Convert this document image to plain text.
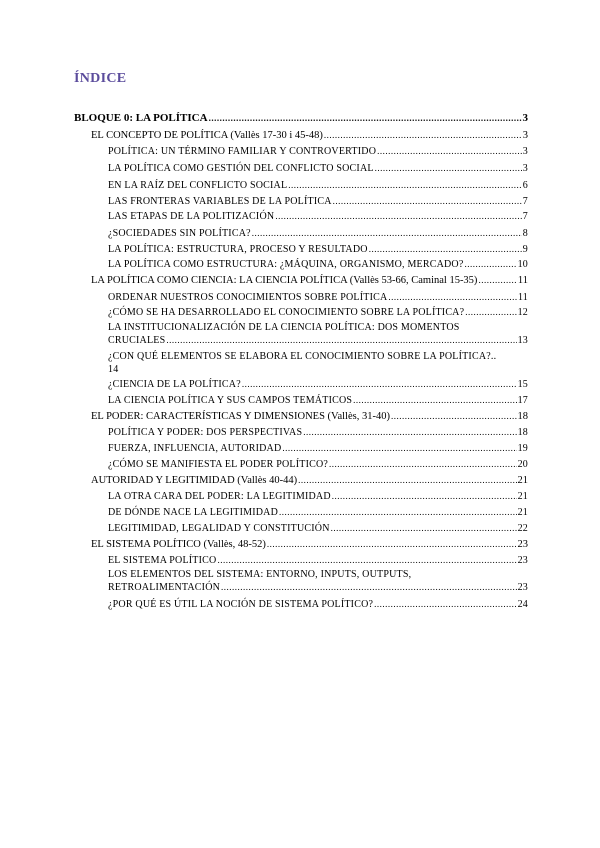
ÍNDICE
BLOQUE 0: LA POLÍTICA .....	3
EL CONCEPTO DE POLÍTICA (Vallès 17-30 i 45-48) .....	3
POLÍTICA: UN TÉRMINO FAMILIAR Y CONTROVERTIDO .....	3
LA POLÍTICA COMO GESTIÓN DEL CONFLICTO SOCIAL .....	3
EN LA RAÍZ DEL CONFLICTO SOCIAL .....	6
LAS FRONTERAS VARIABLES DE LA POLÍTICA .....	7
LAS ETAPAS DE LA POLITIZACIÓN .....	7
¿SOCIEDADES SIN POLÍTICA? .....	8
LA POLÍTICA: ESTRUCTURA, PROCESO Y RESULTADO .....	9
LA POLÍTICA COMO ESTRUCTURA: ¿MÁQUINA, ORGANISMO, MERCADO? .....	10
LA POLÍTICA COMO CIENCIA: LA CIENCIA POLÍTICA (Vallès 53-66, Caminal 15-35) .....	11
ORDENAR NUESTROS CONOCIMIENTOS SOBRE POLÍTICA .....	11
¿CÓMO SE HA DESARROLLADO EL CONOCIMIENTO SOBRE LA POLÍTICA? .....	12
LA INSTITUCIONALIZACIÓN DE LA CIENCIA POLÍTICA: DOS MOMENTOS
CRUCIALES .....	13
¿CON QUÉ ELEMENTOS SE ELABORA EL CONOCIMIENTO SOBRE LA POLÍTICA?..
14
¿CIENCIA DE LA POLÍTICA? .....	15
LA CIENCIA POLÍTICA Y SUS CAMPOS TEMÁTICOS .....	17
EL PODER: CARACTERÍSTICAS Y DIMENSIONES (Vallès, 31-40) .....	18
POLÍTICA Y PODER: DOS PERSPECTIVAS .....	18
FUERZA, INFLUENCIA, AUTORIDAD .....	19
¿CÓMO SE MANIFIESTA EL PODER POLÍTICO? .....	20
AUTORIDAD Y LEGITIMIDAD (Vallès 40-44) .....	21
LA OTRA CARA DEL PODER: LA LEGITIMIDAD .....	21
DE DÓNDE NACE LA LEGITIMIDAD .....	21
LEGITIMIDAD, LEGALIDAD Y CONSTITUCIÓN .....	22
EL SISTEMA POLÍTICO (Vallès, 48-52) .....	23
EL SISTEMA POLÍTICO .....	23
LOS ELEMENTOS DEL SISTEMA: ENTORNO, INPUTS, OUTPUTS,
RETROALIMENTACIÓN .....	23
¿POR QUÉ ES ÚTIL LA NOCIÓN DE SISTEMA POLÍTICO? .....	24
